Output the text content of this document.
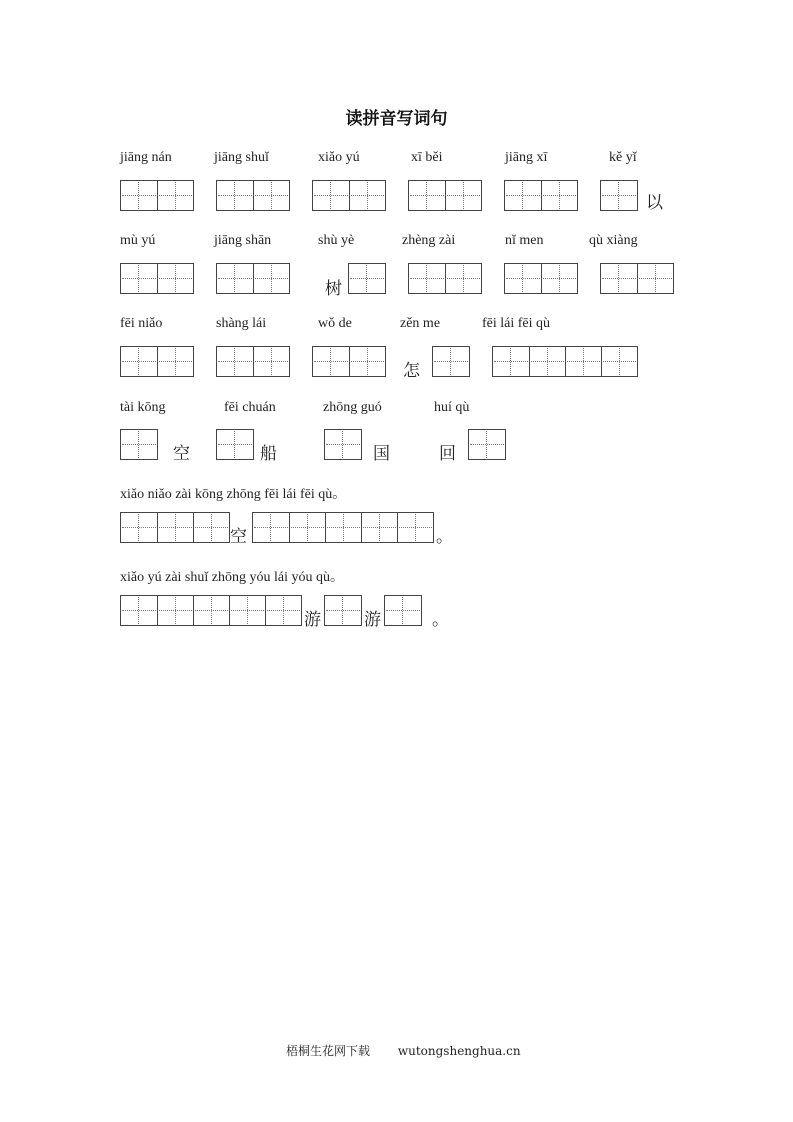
读拼音写词句
jiāng nán	jiāng shuǐ	xiǎo yú	xī běi	jiāng xī	kě yǐ
以
mù yú	jiāng shān	shù yè	zhèng zài	nǐ men	qù xiàng
树
fēi niǎo	shàng lái	wǒ de	zěn me	fēi lái fēi qù
怎
tài kōng	fēi chuán	zhōng guó	huí qù
空	船	国	回
xiǎo niǎo zài kōng zhōng fēi lái fēi qù。
空	。
xiǎo yú zài shuǐ zhōng yóu lái yóu qù。
游	游	。
梧桐生花网下载 wutongshenghua.cn
